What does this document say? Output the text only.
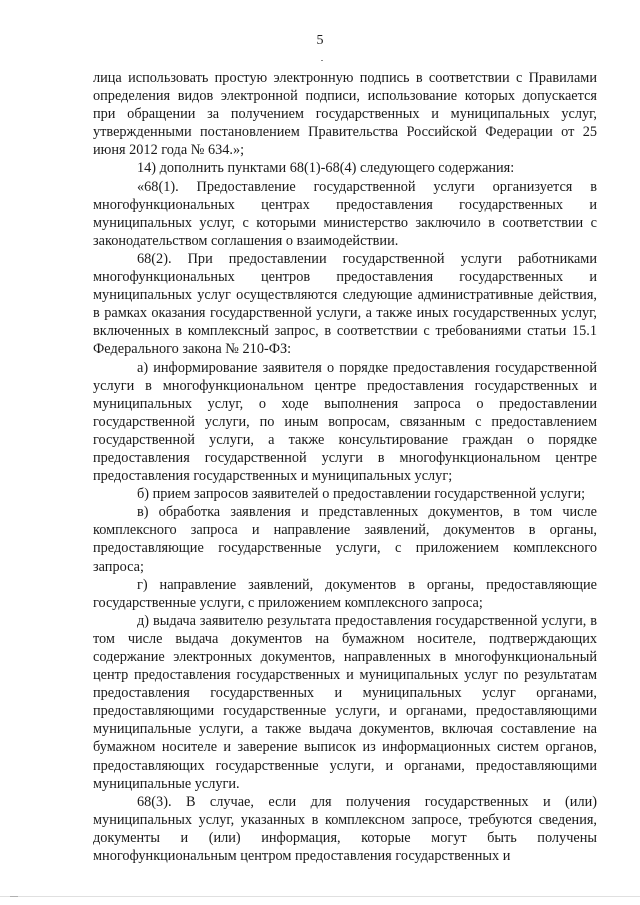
5

лица использовать простую электронную подпись в соответствии с Правилами определения видов электронной подписи, использование которых допускается при обращении за получением государственных и муниципальных услуг, утвержденными постановлением Правительства Российской Федерации от 25 июня 2012 года № 634.»;

14) дополнить пунктами 68(1)-68(4) следующего содержания:

«68(1). Предоставление государственной услуги организуется в многофункциональных центрах предоставления государственных и муниципальных услуг, с которыми министерство заключило в соответствии с законодательством соглашения о взаимодействии.

68(2). При предоставлении государственной услуги работниками многофункциональных центров предоставления государственных и муниципальных услуг осуществляются следующие административные действия, в рамках оказания государственной услуги, а также иных государственных услуг, включенных в комплексный запрос, в соответствии с требованиями статьи 15.1 Федерального закона № 210-ФЗ:

а) информирование заявителя о порядке предоставления государственной услуги в многофункциональном центре предоставления государственных и муниципальных услуг, о ходе выполнения запроса о предоставлении государственной услуги, по иным вопросам, связанным с предоставлением государственной услуги, а также консультирование граждан о порядке предоставления государственной услуги в многофункциональном центре предоставления государственных и муниципальных услуг;

б) прием запросов заявителей о предоставлении государственной услуги;

в) обработка заявления и представленных документов, в том числе комплексного запроса и направление заявлений, документов в органы, предоставляющие государственные услуги, с приложением комплексного запроса;

г) направление заявлений, документов в органы, предоставляющие государственные услуги, с приложением комплексного запроса;

д) выдача заявителю результата предоставления государственной услуги, в том числе выдача документов на бумажном носителе, подтверждающих содержание электронных документов, направленных в многофункциональный центр предоставления государственных и муниципальных услуг по результатам предоставления государственных и муниципальных услуг органами, предоставляющими государственные услуги, и органами, предоставляющими муниципальные услуги, а также выдача документов, включая составление на бумажном носителе и заверение выписок из информационных систем органов, предоставляющих государственные услуги, и органами, предоставляющими муниципальные услуги.

68(3). В случае, если для получения государственных и (или) муниципальных услуг, указанных в комплексном запросе, требуются сведения, документы и (или) информация, которые могут быть получены многофункциональным центром предоставления государственных и
